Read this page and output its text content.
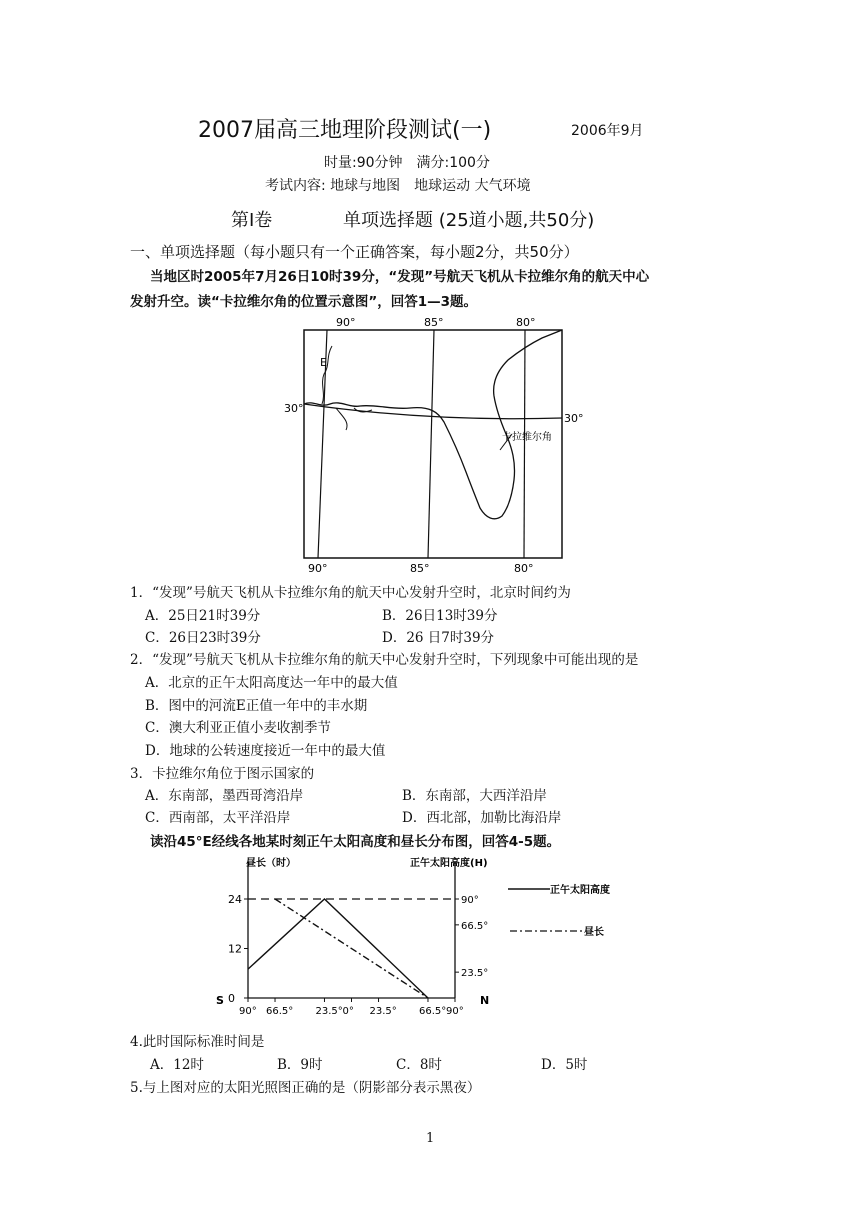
2007届高三地理阶段测试(一)	2006年9月
时量:90分钟　满分:100分
考试内容: 地球与地图　地球运动 大气环境
第Ⅰ卷	单项选择题 (25道小题,共50分)
一、单项选择题（每小题只有一个正确答案，每小题2分，共50分）
当地区时2005年7月26日10时39分，“发现”号航天飞机从卡拉维尔角的航天中心
发射升空。读“卡拉维尔角的位置示意图”，回答1—3题。
90°	85°	80°
90°	85°	80°
30°
30°
E
卡拉维尔角
1．“发现”号航天飞机从卡拉维尔角的航天中心发射升空时，北京时间约为
A．25日21时39分	B．26日13时39分
C．26日23时39分	D．26 日7时39分
2．“发现”号航天飞机从卡拉维尔角的航天中心发射升空时，下列现象中可能出现的是
A．北京的正午太阳高度达一年中的最大值
B．图中的河流E正值一年中的丰水期
C．澳大利亚正值小麦收割季节
D．地球的公转速度接近一年中的最大值
3．卡拉维尔角位于图示国家的
A．东南部，墨西哥湾沿岸	B．东南部，大西洋沿岸
C．西南部，太平洋沿岸	D．西北部，加勒比海沿岸
读沿45°E经线各地某时刻正午太阳高度和昼长分布图，回答4-5题。
昼长（时）	正午太阳高度(H)
S	N
24
12
0
90°
66.5°
23.5°
90° 66.5° 23.5° 0° 23.5° 66.5° 90°
正午太阳高度
昼长
4.此时国际标准时间是
A．12时	B．9时	C．8时	D．5时
5.与上图对应的太阳光照图正确的是（阴影部分表示黑夜）
1
